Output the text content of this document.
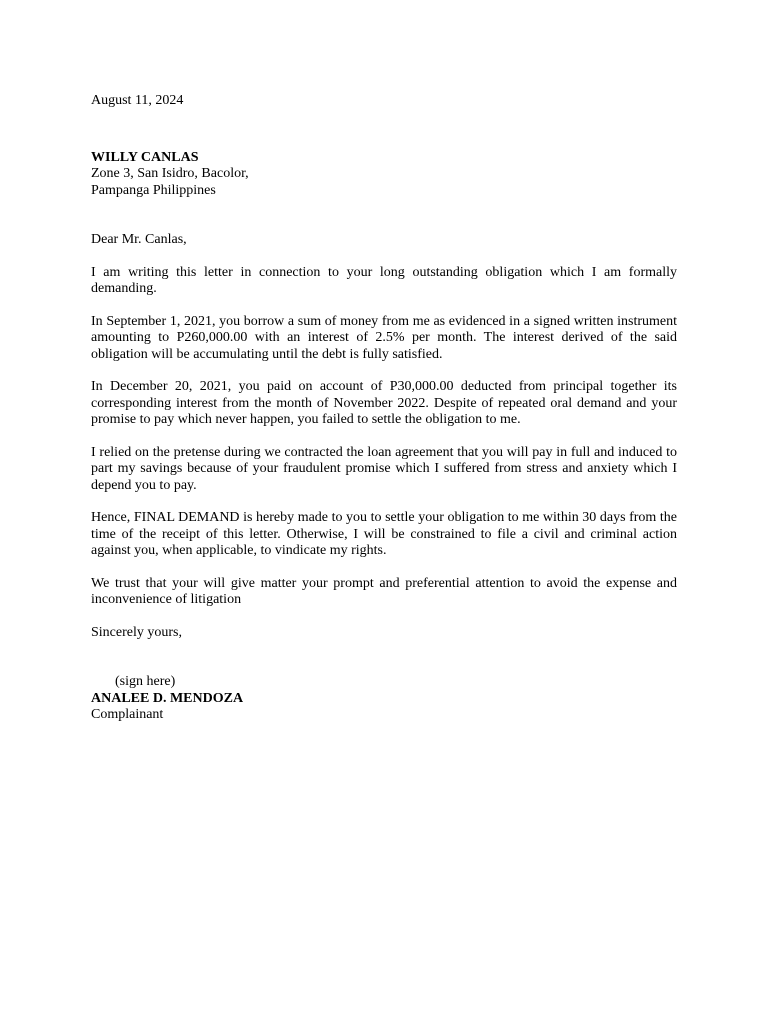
August 11, 2024
WILLY CANLAS
Zone 3, San Isidro, Bacolor,
Pampanga Philippines
Dear Mr. Canlas,
I am writing this letter in connection to your long outstanding obligation which I am formally demanding.
In September 1, 2021, you borrow a sum of money from me as evidenced in a signed written instrument amounting to P260,000.00 with an interest of 2.5% per month. The interest derived of the said obligation will be accumulating until the debt is fully satisfied.
In December 20, 2021, you paid on account of P30,000.00 deducted from principal together its corresponding interest from the month of November 2022. Despite of repeated oral demand and your promise to pay which never happen, you failed to settle the obligation to me.
I relied on the pretense during we contracted the loan agreement that you will pay in full and induced to part my savings because of your fraudulent promise which I suffered from stress and anxiety which I depend you to pay.
Hence, FINAL DEMAND is hereby made to you to settle your obligation to me within 30 days from the time of the receipt of this letter. Otherwise, I will be constrained to file a civil and criminal action against you, when applicable, to vindicate my rights.
We trust that your will give matter your prompt and preferential attention to avoid the expense and inconvenience of litigation
Sincerely yours,
(sign here)
ANALEE D. MENDOZA
Complainant
